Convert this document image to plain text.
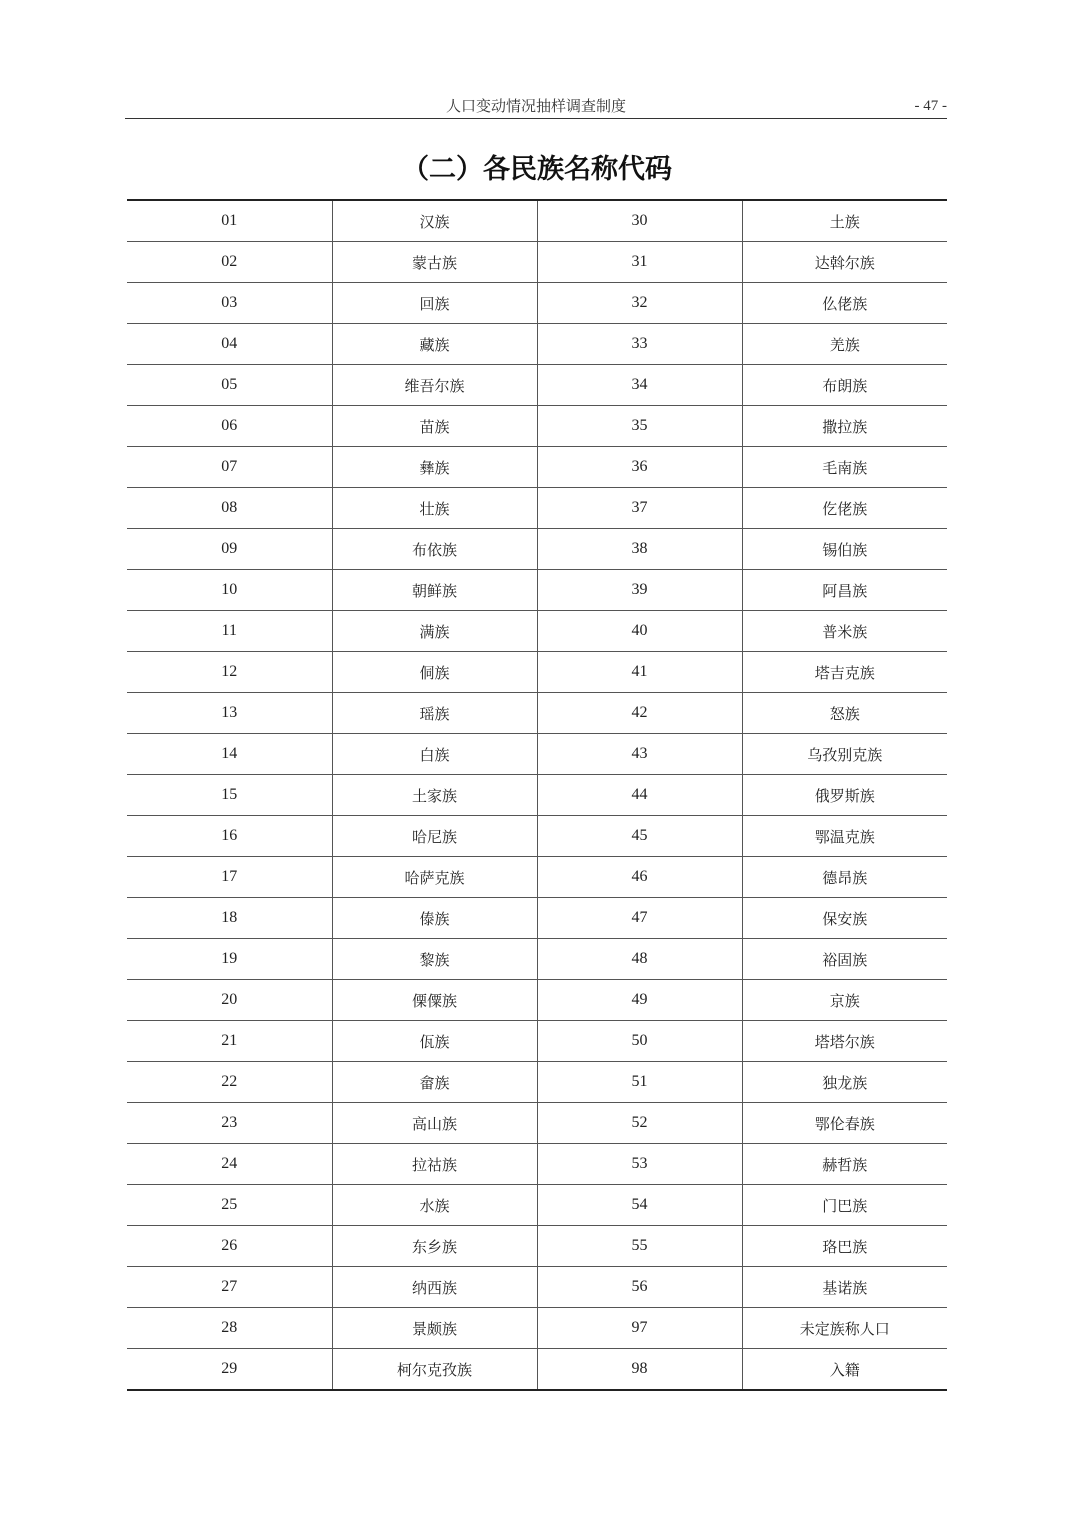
人口变动情况抽样调查制度	- 47 -
（二）各民族名称代码
01	汉族	30	土族
02	蒙古族	31	达斡尔族
03	回族	32	仫佬族
04	藏族	33	羌族
05	维吾尔族	34	布朗族
06	苗族	35	撒拉族
07	彝族	36	毛南族
08	壮族	37	仡佬族
09	布依族	38	锡伯族
10	朝鲜族	39	阿昌族
11	满族	40	普米族
12	侗族	41	塔吉克族
13	瑶族	42	怒族
14	白族	43	乌孜别克族
15	土家族	44	俄罗斯族
16	哈尼族	45	鄂温克族
17	哈萨克族	46	德昂族
18	傣族	47	保安族
19	黎族	48	裕固族
20	傈僳族	49	京族
21	佤族	50	塔塔尔族
22	畲族	51	独龙族
23	高山族	52	鄂伦春族
24	拉祜族	53	赫哲族
25	水族	54	门巴族
26	东乡族	55	珞巴族
27	纳西族	56	基诺族
28	景颇族	97	未定族称人口
29	柯尔克孜族	98	入籍
